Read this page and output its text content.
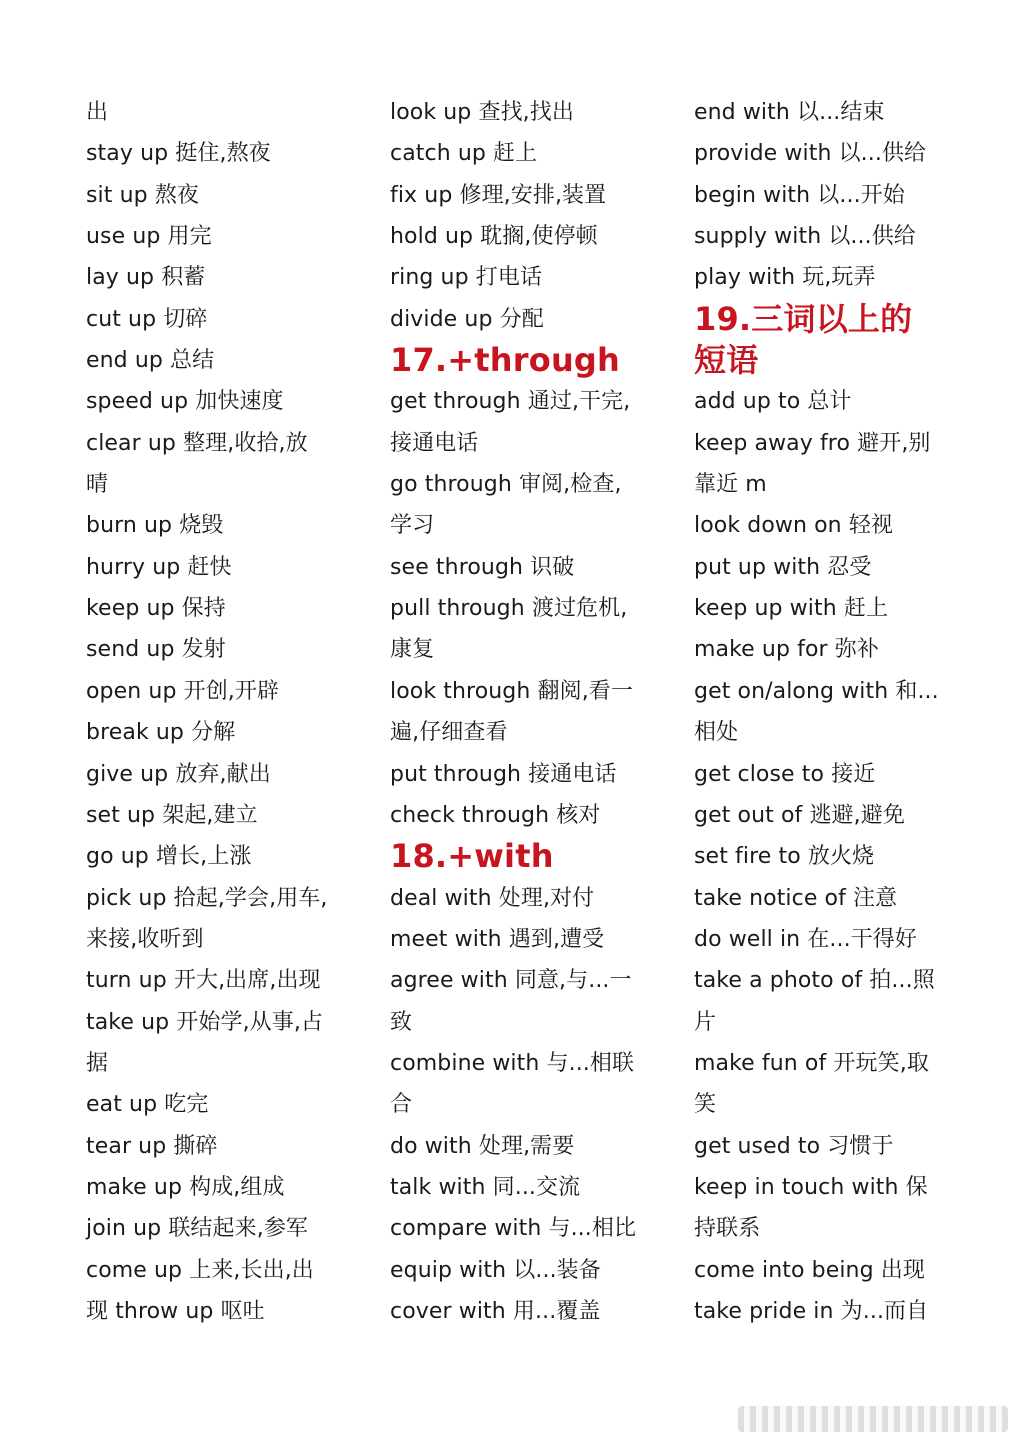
出
stay up 挺住,熬夜
sit up 熬夜
use up 用完
lay up 积蓄
cut up 切碎
end up 总结
speed up 加快速度
clear up 整理,收拾,放
晴
burn up 烧毁
hurry up 赶快
keep up 保持
send up 发射
open up 开创,开辟
break up 分解
give up 放弃,献出
set up 架起,建立
go up 增长,上涨
pick up 拾起,学会,用车,
来接,收听到
turn up 开大,出席,出现
take up 开始学,从事,占
据
eat up 吃完
tear up 撕碎
make up 构成,组成
join up 联结起来,参军
come up 上来,长出,出
现 throw up 呕吐
look up 查找,找出
catch up 赶上
fix up 修理,安排,装置
hold up 耽搁,使停顿
ring up 打电话
divide up 分配
17.+through
get through 通过,干完,
接通电话
go through 审阅,检查,
学习
see through 识破
pull through 渡过危机,
康复
look through 翻阅,看一
遍,仔细查看
put through 接通电话
check through 核对
18.+with
deal with 处理,对付
meet with 遇到,遭受
agree with 同意,与...一
致
combine with 与...相联
合
do with 处理,需要
talk with 同...交流
compare with 与...相比
equip with 以...装备
cover with 用...覆盖
end with 以...结束
provide with 以...供给
begin with 以...开始
supply with 以...供给
play with 玩,玩弄
19.三词以上的
短语
add up to 总计
keep away fro 避开,别
靠近 m
look down on 轻视
put up with 忍受
keep up with 赶上
make up for 弥补
get on/along with 和...
相处
get close to 接近
get out of 逃避,避免
set fire to 放火烧
take notice of 注意
do well in 在...干得好
take a photo of 拍...照
片
make fun of 开玩笑,取
笑
get used to 习惯于
keep in touch with 保
持联系
come into being 出现
take pride in 为...而自
